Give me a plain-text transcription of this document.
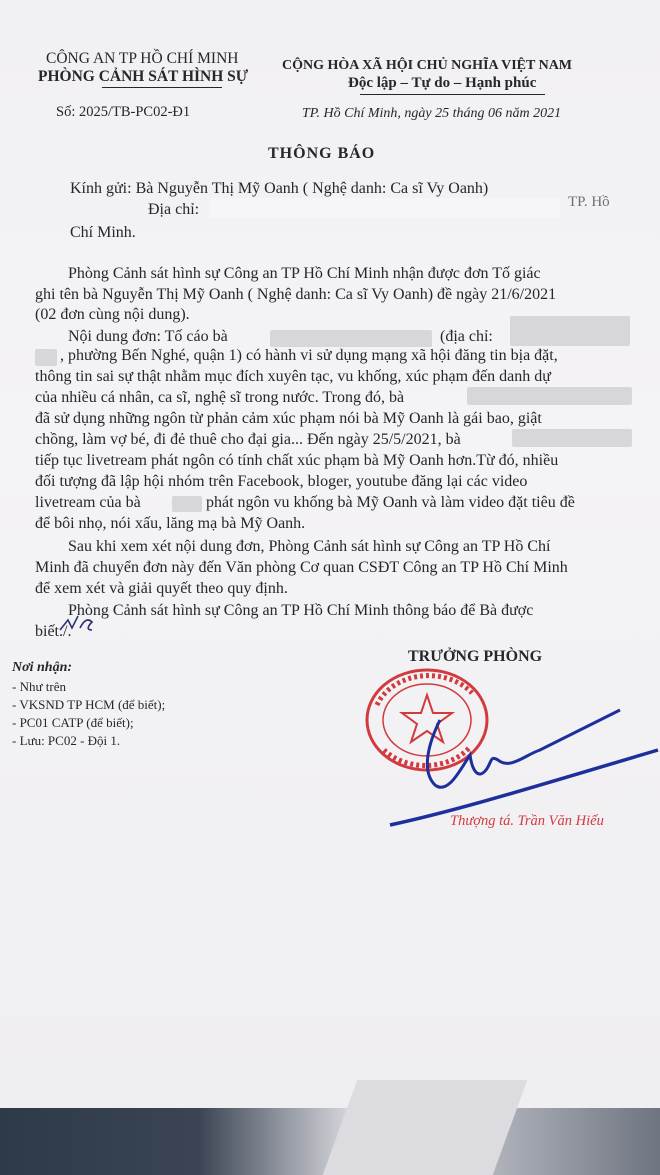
CÔNG AN TP HỒ CHÍ MINH
PHÒNG CẢNH SÁT HÌNH SỰ
Số: 2025/TB-PC02-Đ1
CỘNG HÒA XÃ HỘI CHỦ NGHĨA VIỆT NAM
Độc lập – Tự do – Hạnh phúc
TP. Hồ Chí Minh, ngày 25 tháng 06 năm 2021
THÔNG BÁO
Kính gửi: Bà Nguyễn Thị Mỹ Oanh ( Nghệ danh: Ca sĩ Vy Oanh)
Địa chỉ:	TP. Hồ
Chí Minh.
Phòng Cảnh sát hình sự Công an TP Hồ Chí Minh nhận được đơn Tố giác
ghi tên bà Nguyễn Thị Mỹ Oanh ( Nghệ danh: Ca sĩ Vy Oanh) đề ngày 21/6/2021
(02 đơn cùng nội dung).
Nội dung đơn: Tố cáo bà	(địa chỉ:
, phường Bến Nghé, quận 1) có hành vi sử dụng mạng xã hội đăng tin bịa đặt,
thông tin sai sự thật nhằm mục đích xuyên tạc, vu khống, xúc phạm đến danh dự
của nhiều cá nhân, ca sĩ, nghệ sĩ trong nước. Trong đó, bà
đã sử dụng những ngôn từ phản cảm xúc phạm nói bà Mỹ Oanh là gái bao, giật
chồng, làm vợ bé, đi đẻ thuê cho đại gia... Đến ngày 25/5/2021, bà
tiếp tục livetream phát ngôn có tính chất xúc phạm bà Mỹ Oanh hơn.Từ đó, nhiều
đối tượng đã lập hội nhóm trên Facebook, bloger, youtube đăng lại các video
livetream của bà	phát ngôn vu khống bà Mỹ Oanh và làm video đặt tiêu đề
để bôi nhọ, nói xấu, lăng mạ bà Mỹ Oanh.
Sau khi xem xét nội dung đơn, Phòng Cảnh sát hình sự Công an TP Hồ Chí
Minh đã chuyển đơn này đến Văn phòng Cơ quan CSĐT Công an TP Hồ Chí Minh
để xem xét và giải quyết theo quy định.
Phòng Cảnh sát hình sự Công an TP Hồ Chí Minh thông báo để Bà được
biết./.
Nơi nhận:
- Như trên
- VKSND TP HCM (để biết);
- PC01 CATP (để biết);
- Lưu: PC02 - Đội 1.
TRƯỞNG PHÒNG
Thượng tá. Trần Văn Hiếu
